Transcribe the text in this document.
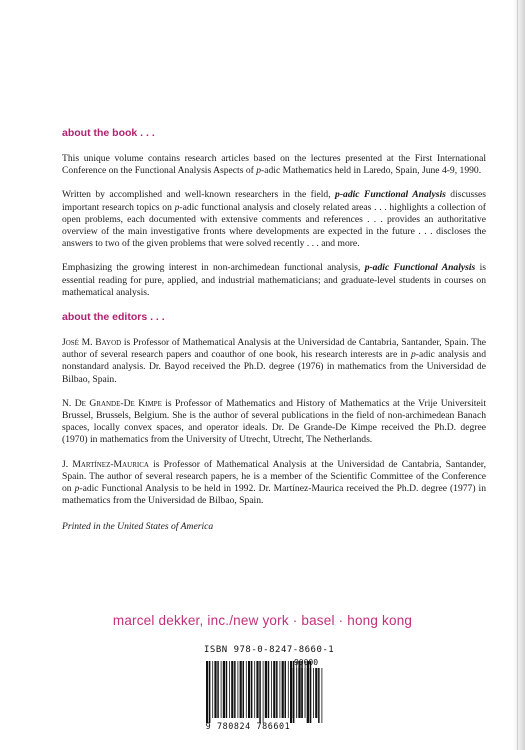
about the book . . .

This unique volume contains research articles based on the lectures presented at the First International Conference on the Functional Analysis Aspects of p-adic Mathematics held in Laredo, Spain, June 4-9, 1990.

Written by accomplished and well-known researchers in the field, p-adic Functional Analysis discusses important research topics on p-adic functional analysis and closely related areas . . . highlights a collection of open problems, each documented with extensive comments and references . . . provides an authoritative overview of the main investigative fronts where developments are expected in the future . . . discloses the answers to two of the given problems that were solved recently . . . and more.

Emphasizing the growing interest in non-archimedean functional analysis, p-adic Functional Analysis is essential reading for pure, applied, and industrial mathematicians; and graduate-level students in courses on mathematical analysis.

about the editors . . .

José M. Bayod is Professor of Mathematical Analysis at the Universidad de Cantabria, Santander, Spain. The author of several research papers and coauthor of one book, his research interests are in p-adic analysis and nonstandard analysis. Dr. Bayod received the Ph.D. degree (1976) in mathematics from the Universidad de Bilbao, Spain.

N. De Grande-De Kimpe is Professor of Mathematics and History of Mathematics at the Vrije Universiteit Brussel, Brussels, Belgium. She is the author of several publications in the field of non-archimedean Banach spaces, locally convex spaces, and operator ideals. Dr. De Grande-De Kimpe received the Ph.D. degree (1970) in mathematics from the University of Utrecht, Utrecht, The Netherlands.

J. Martínez-Maurica is Professor of Mathematical Analysis at the Universidad de Cantabria, Santander, Spain. The author of several research papers, he is a member of the Scientific Committee of the Conference on p-adic Functional Analysis to be held in 1992. Dr. Martínez-Maurica received the Ph.D. degree (1977) in mathematics from the Universidad de Bilbao, Spain.

Printed in the United States of America
marcel dekker, inc./new york · basel · hong kong
ISBN 978-0-8247-8660-1
90000
9 780824 786601
